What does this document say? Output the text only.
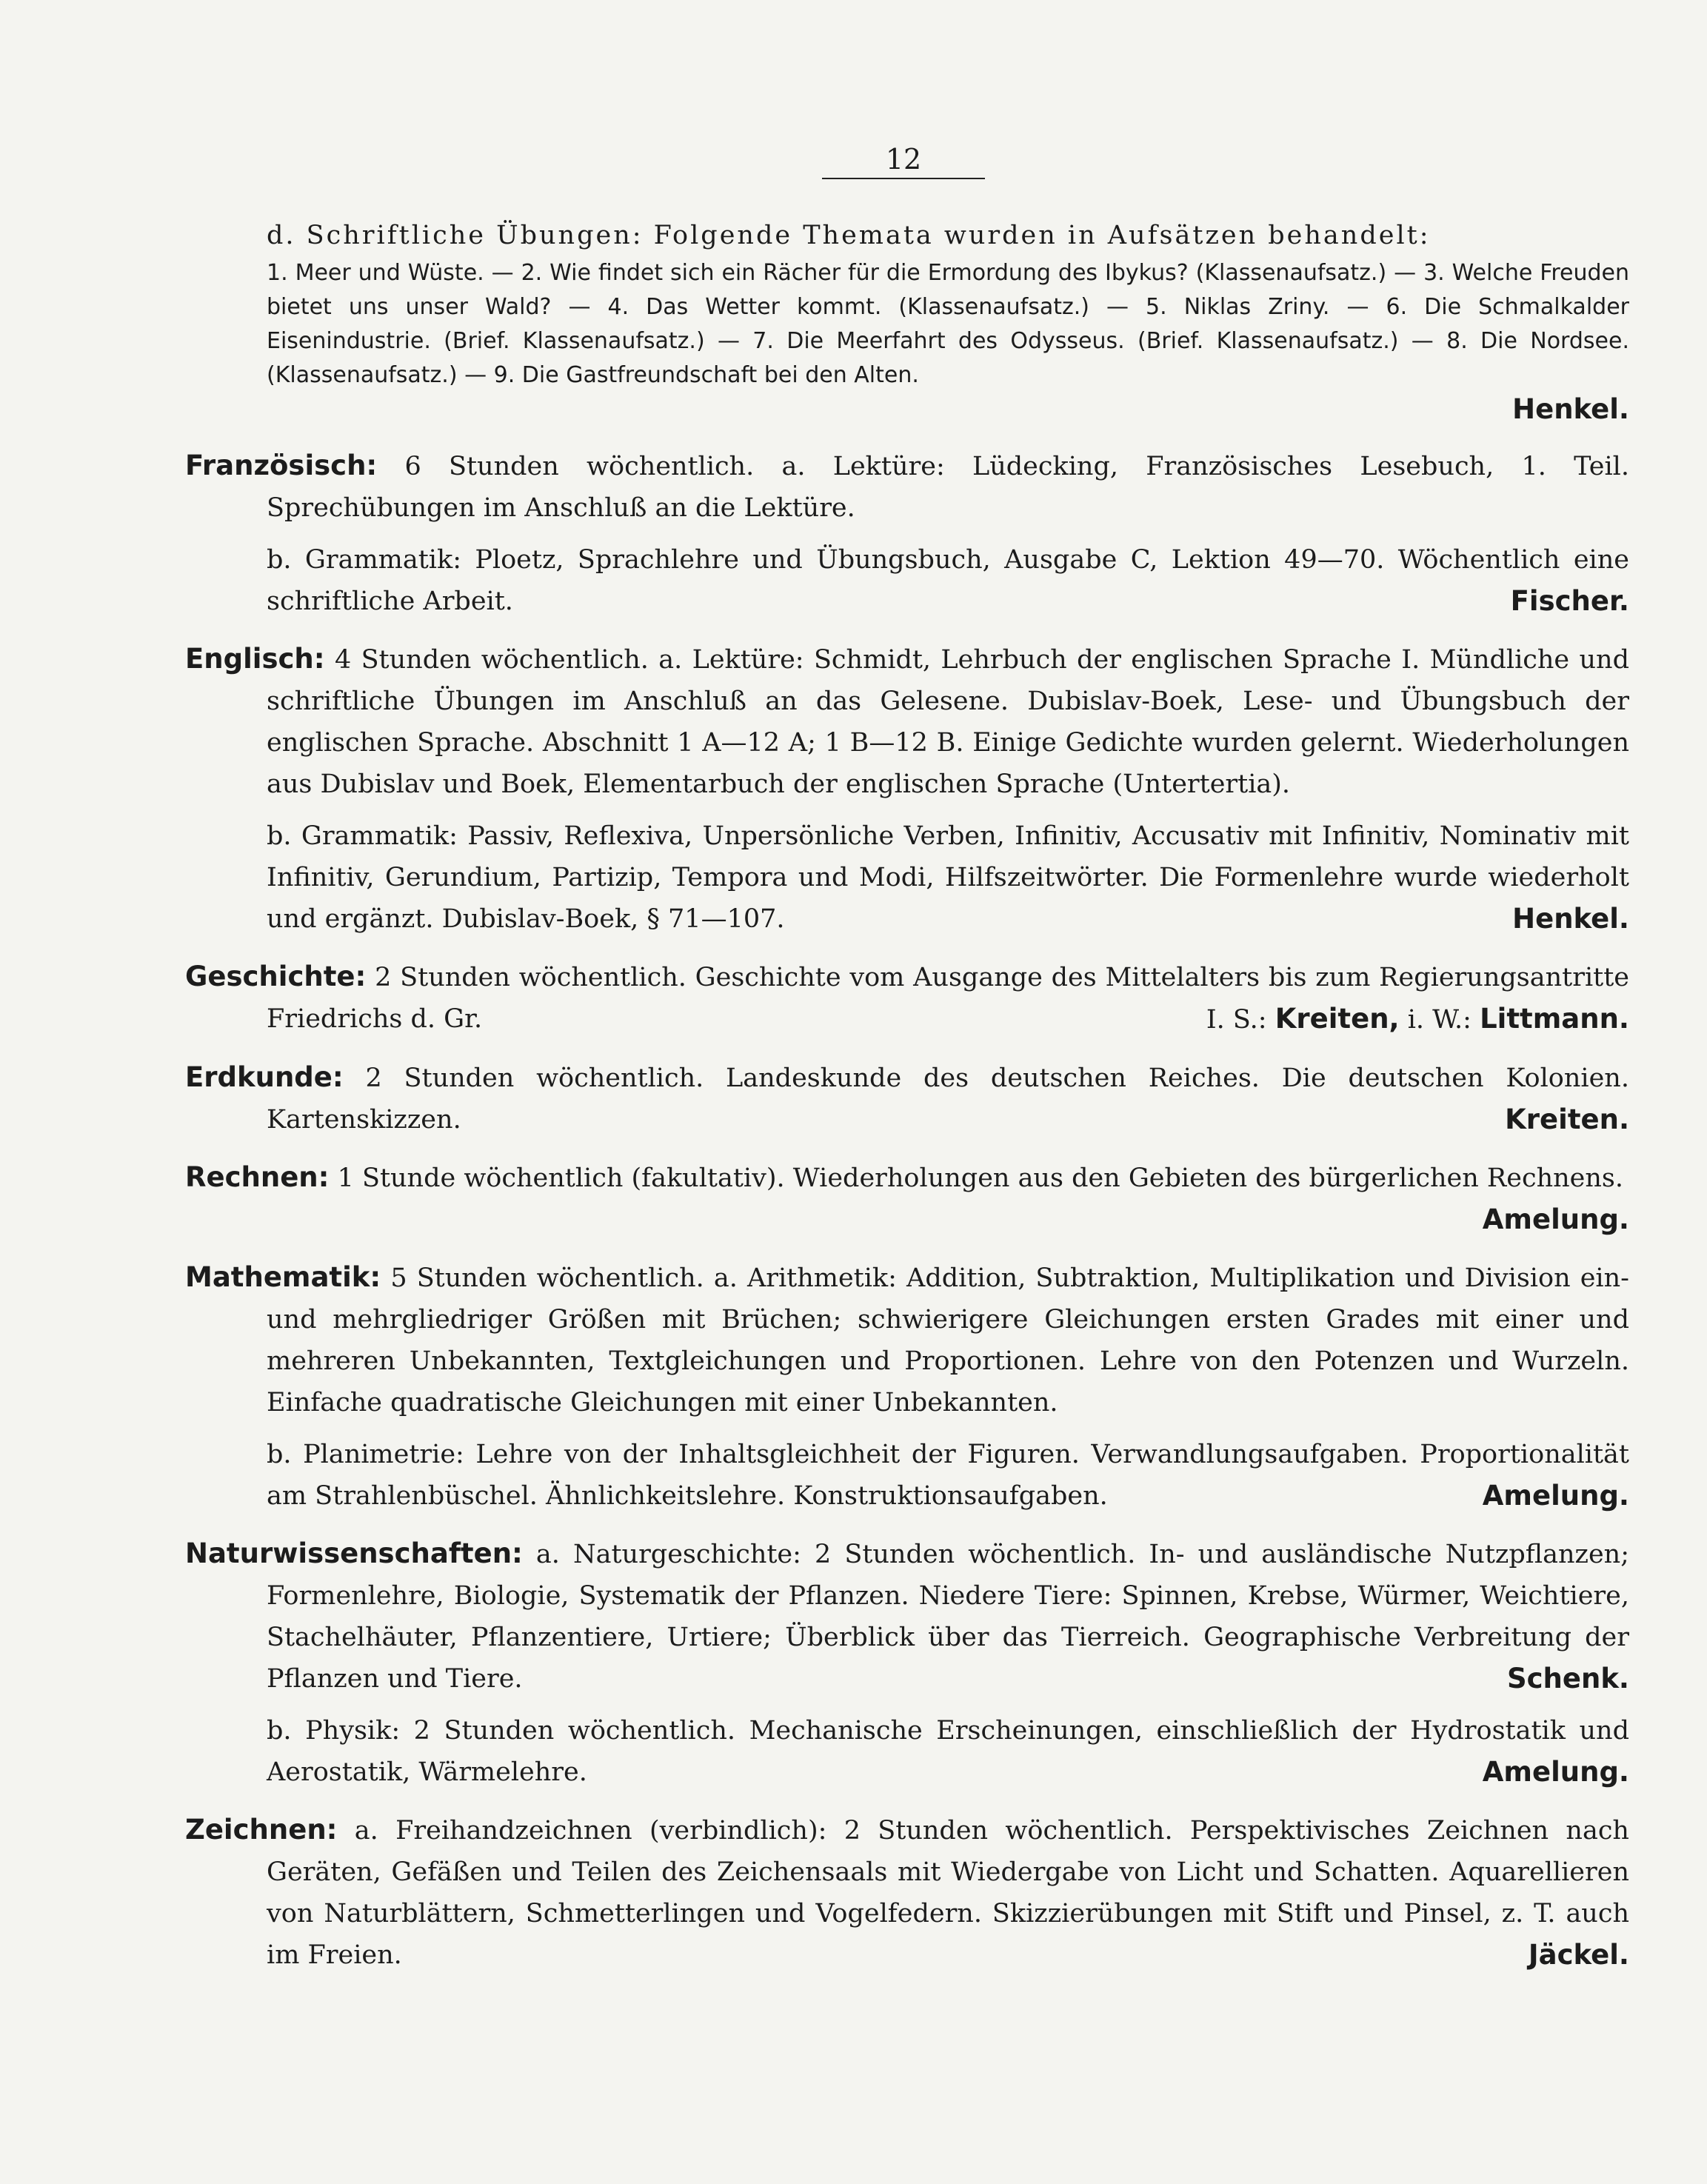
12

d. Schriftliche Übungen: Folgende Themata wurden in Aufsätzen behandelt:

1. Meer und Wüste. — 2. Wie findet sich ein Rächer für die Ermordung des Ibykus? (Klassenaufsatz.) — 3. Welche Freuden bietet uns unser Wald? — 4. Das Wetter kommt. (Klassenaufsatz.) — 5. Niklas Zriny. — 6. Die Schmalkalder Eisenindustrie. (Brief. Klassenaufsatz.) — 7. Die Meerfahrt des Odysseus. (Brief. Klassenaufsatz.) — 8. Die Nordsee. (Klassenaufsatz.) — 9. Die Gastfreundschaft bei den Alten.
Henkel.
Französisch: 6 Stunden wöchentlich. a. Lektüre: Lüdecking, Französisches Lesebuch, 1. Teil. Sprechübungen im Anschluß an die Lektüre.
b. Grammatik: Ploetz, Sprachlehre und Übungsbuch, Ausgabe C, Lektion 49—70. Wöchentlich eine schriftliche Arbeit.	Fischer.
Englisch: 4 Stunden wöchentlich. a. Lektüre: Schmidt, Lehrbuch der englischen Sprache I. Mündliche und schriftliche Übungen im Anschluß an das Gelesene. Dubislav-Boek, Lese- und Übungsbuch der englischen Sprache. Abschnitt 1 A—12 A; 1 B—12 B. Einige Gedichte wurden gelernt. Wiederholungen aus Dubislav und Boek, Elementarbuch der englischen Sprache (Untertertia).
b. Grammatik: Passiv, Reflexiva, Unpersönliche Verben, Infinitiv, Accusativ mit Infinitiv, Nominativ mit Infinitiv, Gerundium, Partizip, Tempora und Modi, Hilfszeitwörter. Die Formenlehre wurde wiederholt und ergänzt. Dubislav-Boek, § 71—107.	Henkel.
Geschichte: 2 Stunden wöchentlich. Geschichte vom Ausgange des Mittelalters bis zum Regierungsantritte Friedrichs d. Gr.	I. S.: Kreiten, i. W.: Littmann.
Erdkunde: 2 Stunden wöchentlich. Landeskunde des deutschen Reiches. Die deutschen Kolonien. Kartenskizzen.	Kreiten.
Rechnen: 1 Stunde wöchentlich (fakultativ). Wiederholungen aus den Gebieten des bürgerlichen Rechnens.
Amelung.
Mathematik: 5 Stunden wöchentlich. a. Arithmetik: Addition, Subtraktion, Multiplikation und Division ein- und mehrgliedriger Größen mit Brüchen; schwierigere Gleichungen ersten Grades mit einer und mehreren Unbekannten, Textgleichungen und Proportionen. Lehre von den Potenzen und Wurzeln. Einfache quadratische Gleichungen mit einer Unbekannten.
b. Planimetrie: Lehre von der Inhaltsgleichheit der Figuren. Verwandlungsaufgaben. Proportionalität am Strahlenbüschel. Ähnlichkeitslehre. Konstruktionsaufgaben.	Amelung.
Naturwissenschaften: a. Naturgeschichte: 2 Stunden wöchentlich. In- und ausländische Nutzpflanzen; Formenlehre, Biologie, Systematik der Pflanzen. Niedere Tiere: Spinnen, Krebse, Würmer, Weichtiere, Stachelhäuter, Pflanzentiere, Urtiere; Überblick über das Tierreich. Geographische Verbreitung der Pflanzen und Tiere.	Schenk.
b. Physik: 2 Stunden wöchentlich. Mechanische Erscheinungen, einschließlich der Hydrostatik und Aerostatik, Wärmelehre.	Amelung.
Zeichnen: a. Freihandzeichnen (verbindlich): 2 Stunden wöchentlich. Perspektivisches Zeichnen nach Geräten, Gefäßen und Teilen des Zeichensaals mit Wiedergabe von Licht und Schatten. Aquarellieren von Naturblättern, Schmetterlingen und Vogelfedern. Skizzierübungen mit Stift und Pinsel, z. T. auch im Freien.	Jäckel.
